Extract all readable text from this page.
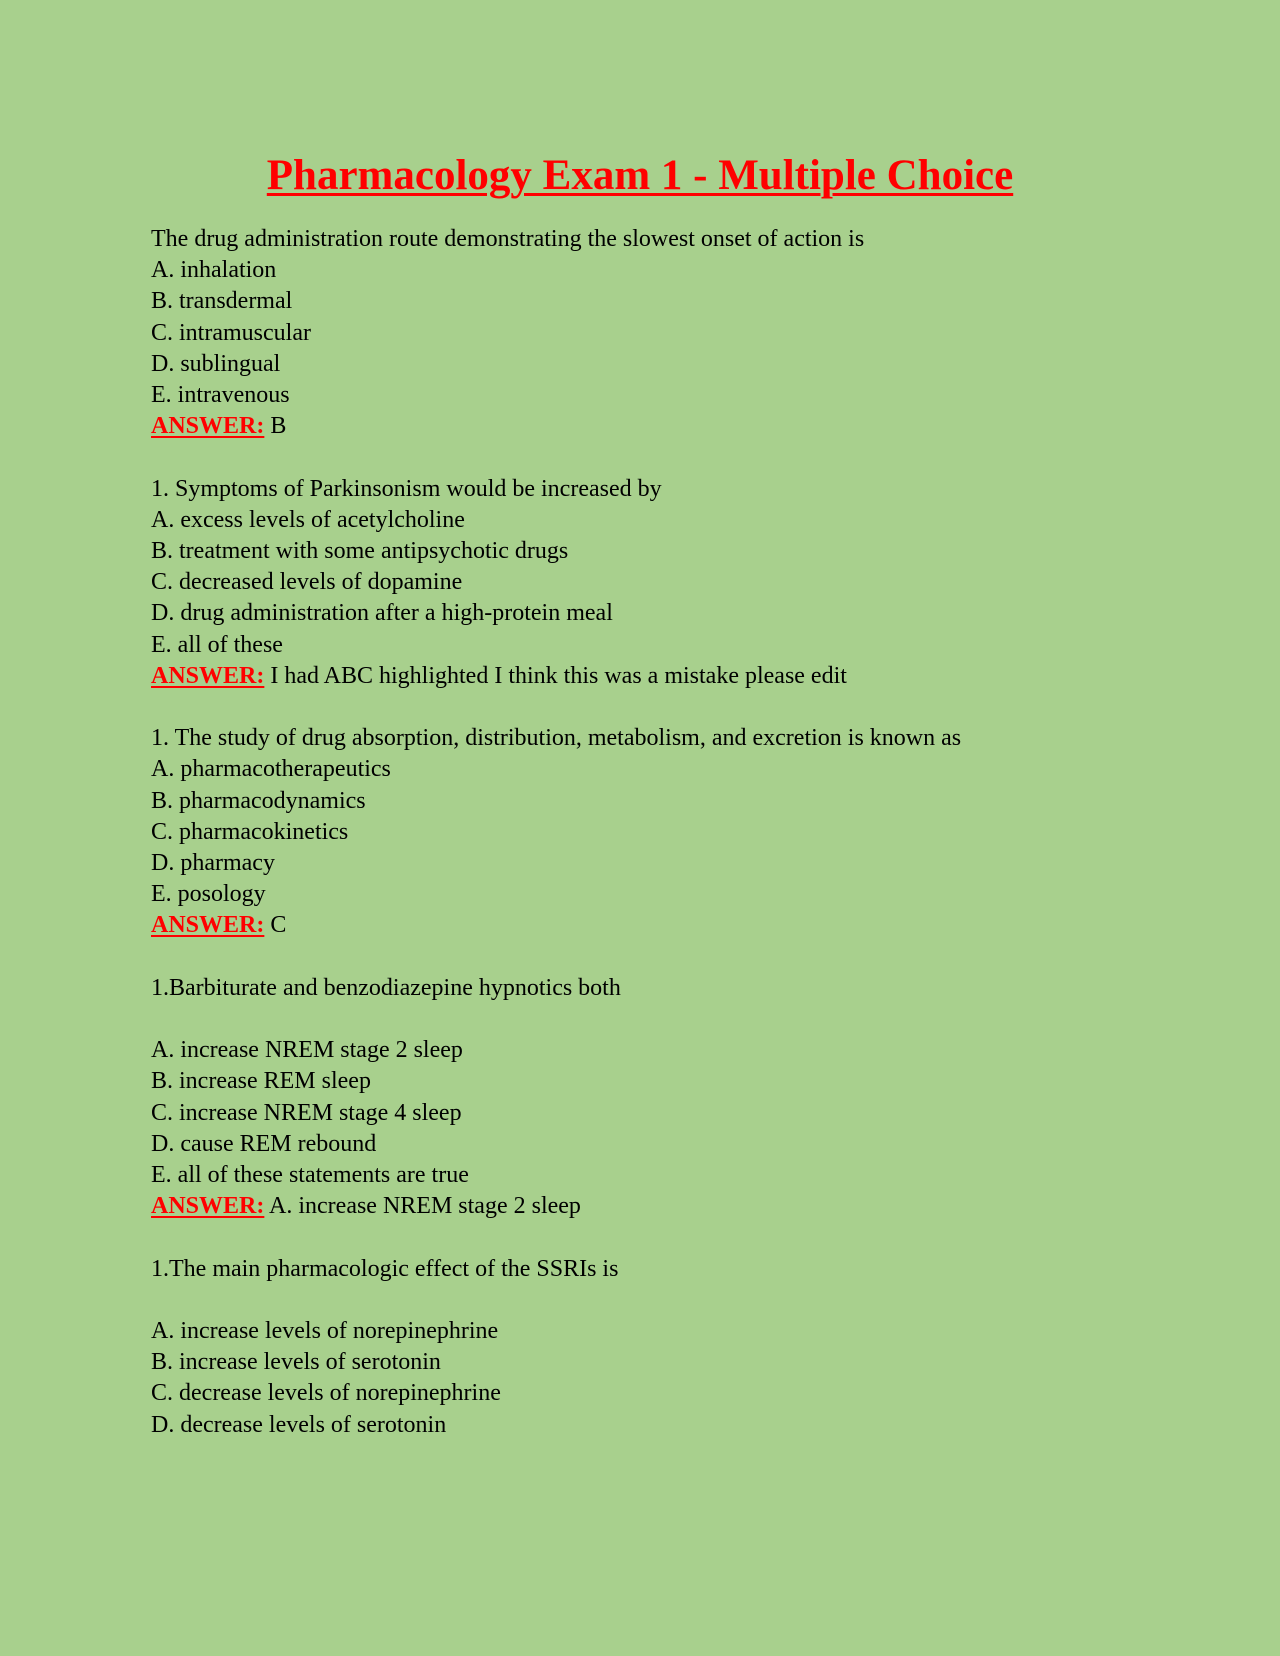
Pharmacology Exam 1 - Multiple Choice
The drug administration route demonstrating the slowest onset of action is
A. inhalation
B. transdermal
C. intramuscular
D. sublingual
E. intravenous
ANSWER: B
1. Symptoms of Parkinsonism would be increased by
A. excess levels of acetylcholine
B. treatment with some antipsychotic drugs
C. decreased levels of dopamine
D. drug administration after a high-protein meal
E. all of these
ANSWER: I had ABC highlighted I think this was a mistake please edit
1. The study of drug absorption, distribution, metabolism, and excretion is known as
A. pharmacotherapeutics
B. pharmacodynamics
C. pharmacokinetics
D. pharmacy
E. posology
ANSWER: C
1.Barbiturate and benzodiazepine hypnotics both
A. increase NREM stage 2 sleep
B. increase REM sleep
C. increase NREM stage 4 sleep
D. cause REM rebound
E. all of these statements are true
ANSWER: A. increase NREM stage 2 sleep
1.The main pharmacologic effect of the SSRIs is
A. increase levels of norepinephrine
B. increase levels of serotonin
C. decrease levels of norepinephrine
D. decrease levels of serotonin
